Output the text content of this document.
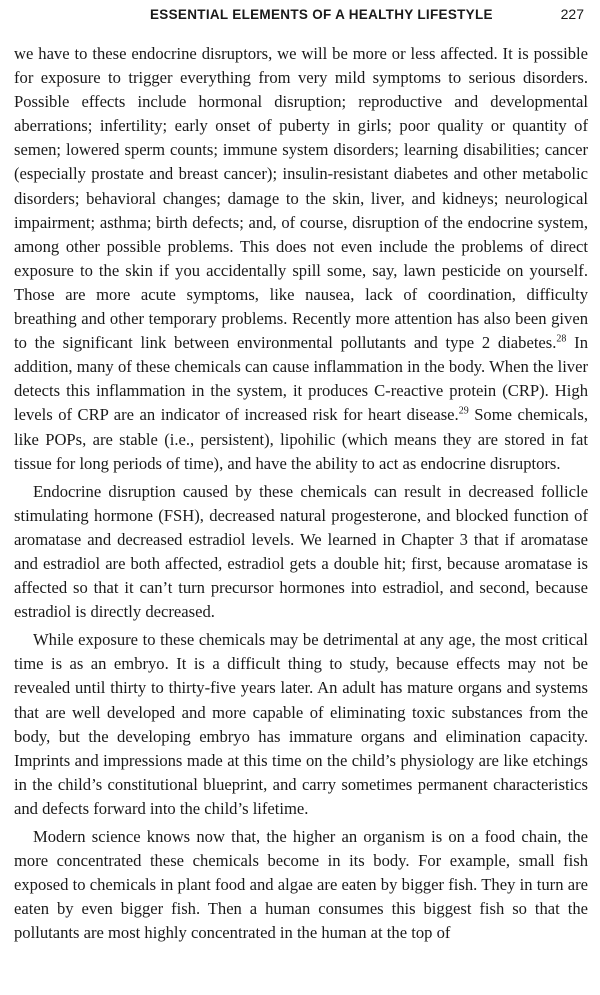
ESSENTIAL ELEMENTS OF A HEALTHY LIFESTYLE	227

we have to these endocrine disruptors, we will be more or less affected. It is possible for exposure to trigger everything from very mild symptoms to serious disorders. Possible effects include hormonal disruption; reproductive and developmental aberrations; infertility; early onset of puberty in girls; poor quality or quantity of semen; lowered sperm counts; immune system disorders; learning disabilities; cancer (especially prostate and breast cancer); insulin-resistant diabetes and other metabolic disorders; behavioral changes; damage to the skin, liver, and kidneys; neurological impairment; asthma; birth defects; and, of course, disruption of the endocrine system, among other possible problems. This does not even include the problems of direct exposure to the skin if you accidentally spill some, say, lawn pesticide on yourself. Those are more acute symptoms, like nausea, lack of coordination, difficulty breathing and other temporary problems. Recently more attention has also been given to the significant link between environmental pollutants and type 2 diabetes.$^{28}$ In addition, many of these chemicals can cause inflammation in the body. When the liver detects this inflammation in the system, it produces C-reactive protein (CRP). High levels of CRP are an indicator of increased risk for heart disease.$^{29}$ Some chemicals, like POPs, are stable (i.e., persistent), lipohilic (which means they are stored in fat tissue for long periods of time), and have the ability to act as endocrine disruptors.

Endocrine disruption caused by these chemicals can result in decreased follicle stimulating hormone (FSH), decreased natural progesterone, and blocked function of aromatase and decreased estradiol levels. We learned in Chapter 3 that if aromatase and estradiol are both affected, estradiol gets a double hit; first, because aromatase is affected so that it can’t turn precursor hormones into estradiol, and second, because estradiol is directly decreased.

While exposure to these chemicals may be detrimental at any age, the most critical time is as an embryo. It is a difficult thing to study, because effects may not be revealed until thirty to thirty-five years later. An adult has mature organs and systems that are well developed and more capable of eliminating toxic substances from the body, but the developing embryo has immature organs and elimination capacity. Imprints and impressions made at this time on the child’s physiology are like etchings in the child’s constitutional blueprint, and carry sometimes permanent characteristics and defects forward into the child’s lifetime.

Modern science knows now that, the higher an organism is on a food chain, the more concentrated these chemicals become in its body. For example, small fish exposed to chemicals in plant food and algae are eaten by bigger fish. They in turn are eaten by even bigger fish. Then a human consumes this biggest fish so that the pollutants are most highly concentrated in the human at the top of
